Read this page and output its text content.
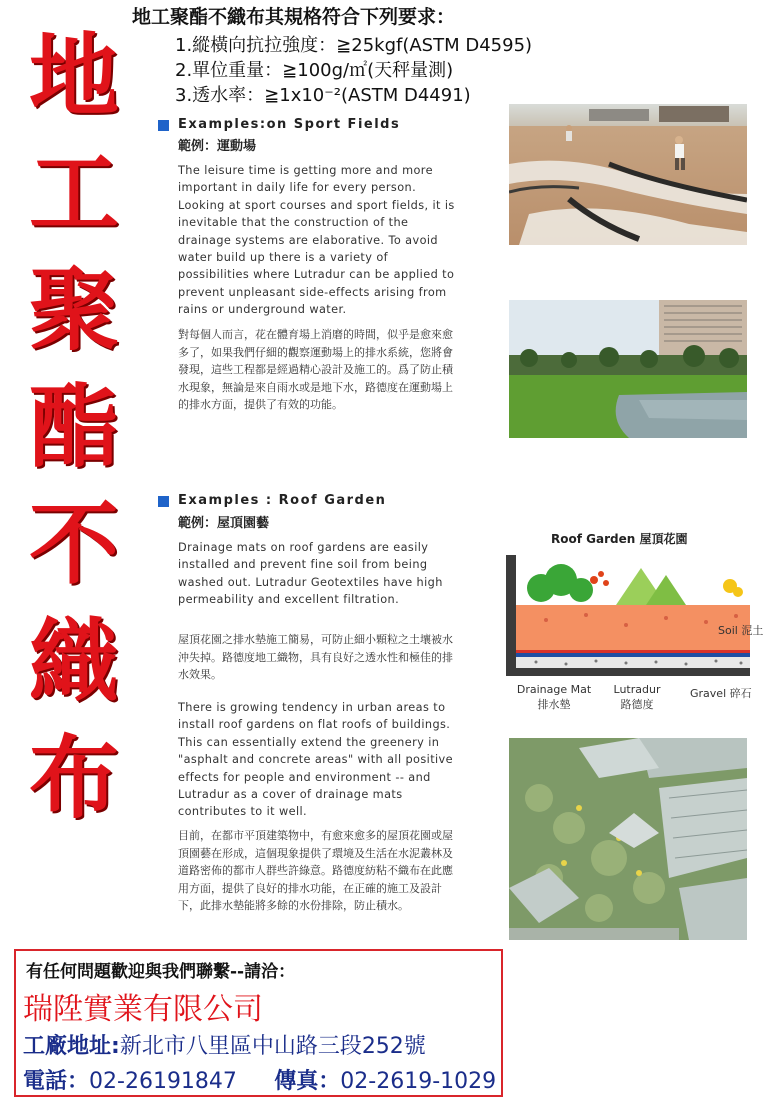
地
工
聚
酯
不
織
布
地工聚酯不織布其規格符合下列要求：
1.縱橫向抗拉強度：≧25kgf(ASTM D4595)
2.單位重量：≧100g/㎡(天秤量測)
3.透水率：≧1x10⁻²(ASTM D4491)
Examples:on Sport Fields
範例：運動場
The leisure time is getting more and more important in daily life for every person. Looking at sport courses and sport fields, it is inevitable that the construction of the drainage systems are elaborative. To avoid water build up there is a variety of possibilities where Lutradur can be applied to prevent unpleasant side-effects arising from rains or underground water.
對每個人而言，花在體育場上消磨的時間，似乎是愈來愈多了，如果我們仔細的觀察運動場上的排水系統，您將會發現，這些工程都是經過精心設計及施工的。爲了防止積水現象，無論是來自雨水或是地下水，路德度在運動場上的排水方面，提供了有效的功能。
Examples : Roof Garden
範例：屋頂園藝
Drainage mats on roof gardens are easily installed and prevent fine soil from being washed out. Lutradur Geotextiles have high permeability and excellent filtration.
屋頂花園之排水墊施工簡易，可防止細小顆粒之土壤被水沖失掉。路德度地工織物，具有良好之透水性和極佳的排水效果。
There is growing tendency in urban areas to install roof gardens on flat roofs of buildings. This can essentially extend the greenery in "asphalt and concrete areas" with all positive effects for people and environment -- and Lutradur as a cover of drainage mats contributes to it well.
目前，在都市平頂建築物中，有愈來愈多的屋頂花園或屋頂園藝在形成，這個現象提供了環境及生活在水泥叢林及道路密佈的都市人群些許綠意。路德度紡粘不織布在此應用方面，提供了良好的排水功能，在正確的施工及設計下，此排水墊能將多餘的水份排除，防止積水。
Roof Garden 屋頂花園
Soil 泥土
Drainage Mat
排水墊
Lutradur
路德度
Gravel 碎石
有任何問題歡迎與我們聯繫--請洽：
瑞陞實業有限公司
工廠地址:新北市八里區中山路三段252號
電話：02-26191847 傳真：02-2619-1029
